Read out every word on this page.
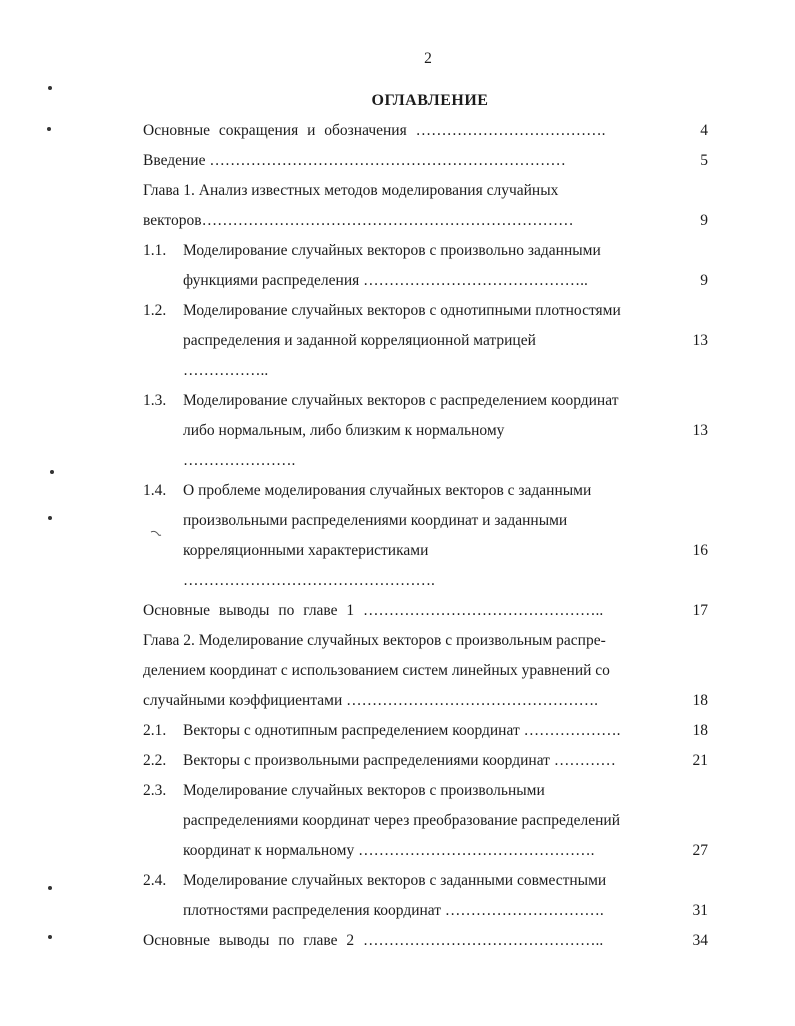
2
ОГЛАВЛЕНИЕ
Основные сокращения и обозначения ……………………………….	4
Введение ……………………………………………………………	5
Глава 1. Анализ известных методов моделирования случайных
векторов………………………………………………………………	9
1.1. Моделирование случайных векторов с произвольно заданными
функциями распределения ……………………………………..	9
1.2. Моделирование случайных векторов с однотипными плотностями
распределения и заданной корреляционной матрицей	13
……………..
1.3. Моделирование случайных векторов с распределением координат
либо нормальным, либо близким к нормальному	13
………………….
1.4. О проблеме моделирования случайных векторов с заданными
произвольными распределениями координат и заданными
корреляционными характеристиками	16
………………………………………….
Основные выводы по главе 1 ………………………………………..	17
Глава 2. Моделирование случайных векторов с произвольным распре-
делением координат с использованием систем линейных уравнений со
случайными коэффициентами ………………………………………….	18
2.1. Векторы с однотипным распределением координат ……………….	18
2.2. Векторы с произвольными распределениями координат …………	21
2.3. Моделирование случайных векторов с произвольными
распределениями координат через преобразование распределений
координат к нормальному ……………………………………….	27
2.4. Моделирование случайных векторов с заданными совместными
плотностями распределения координат ………………………….	31
Основные выводы по главе 2 ………………………………………..	34
